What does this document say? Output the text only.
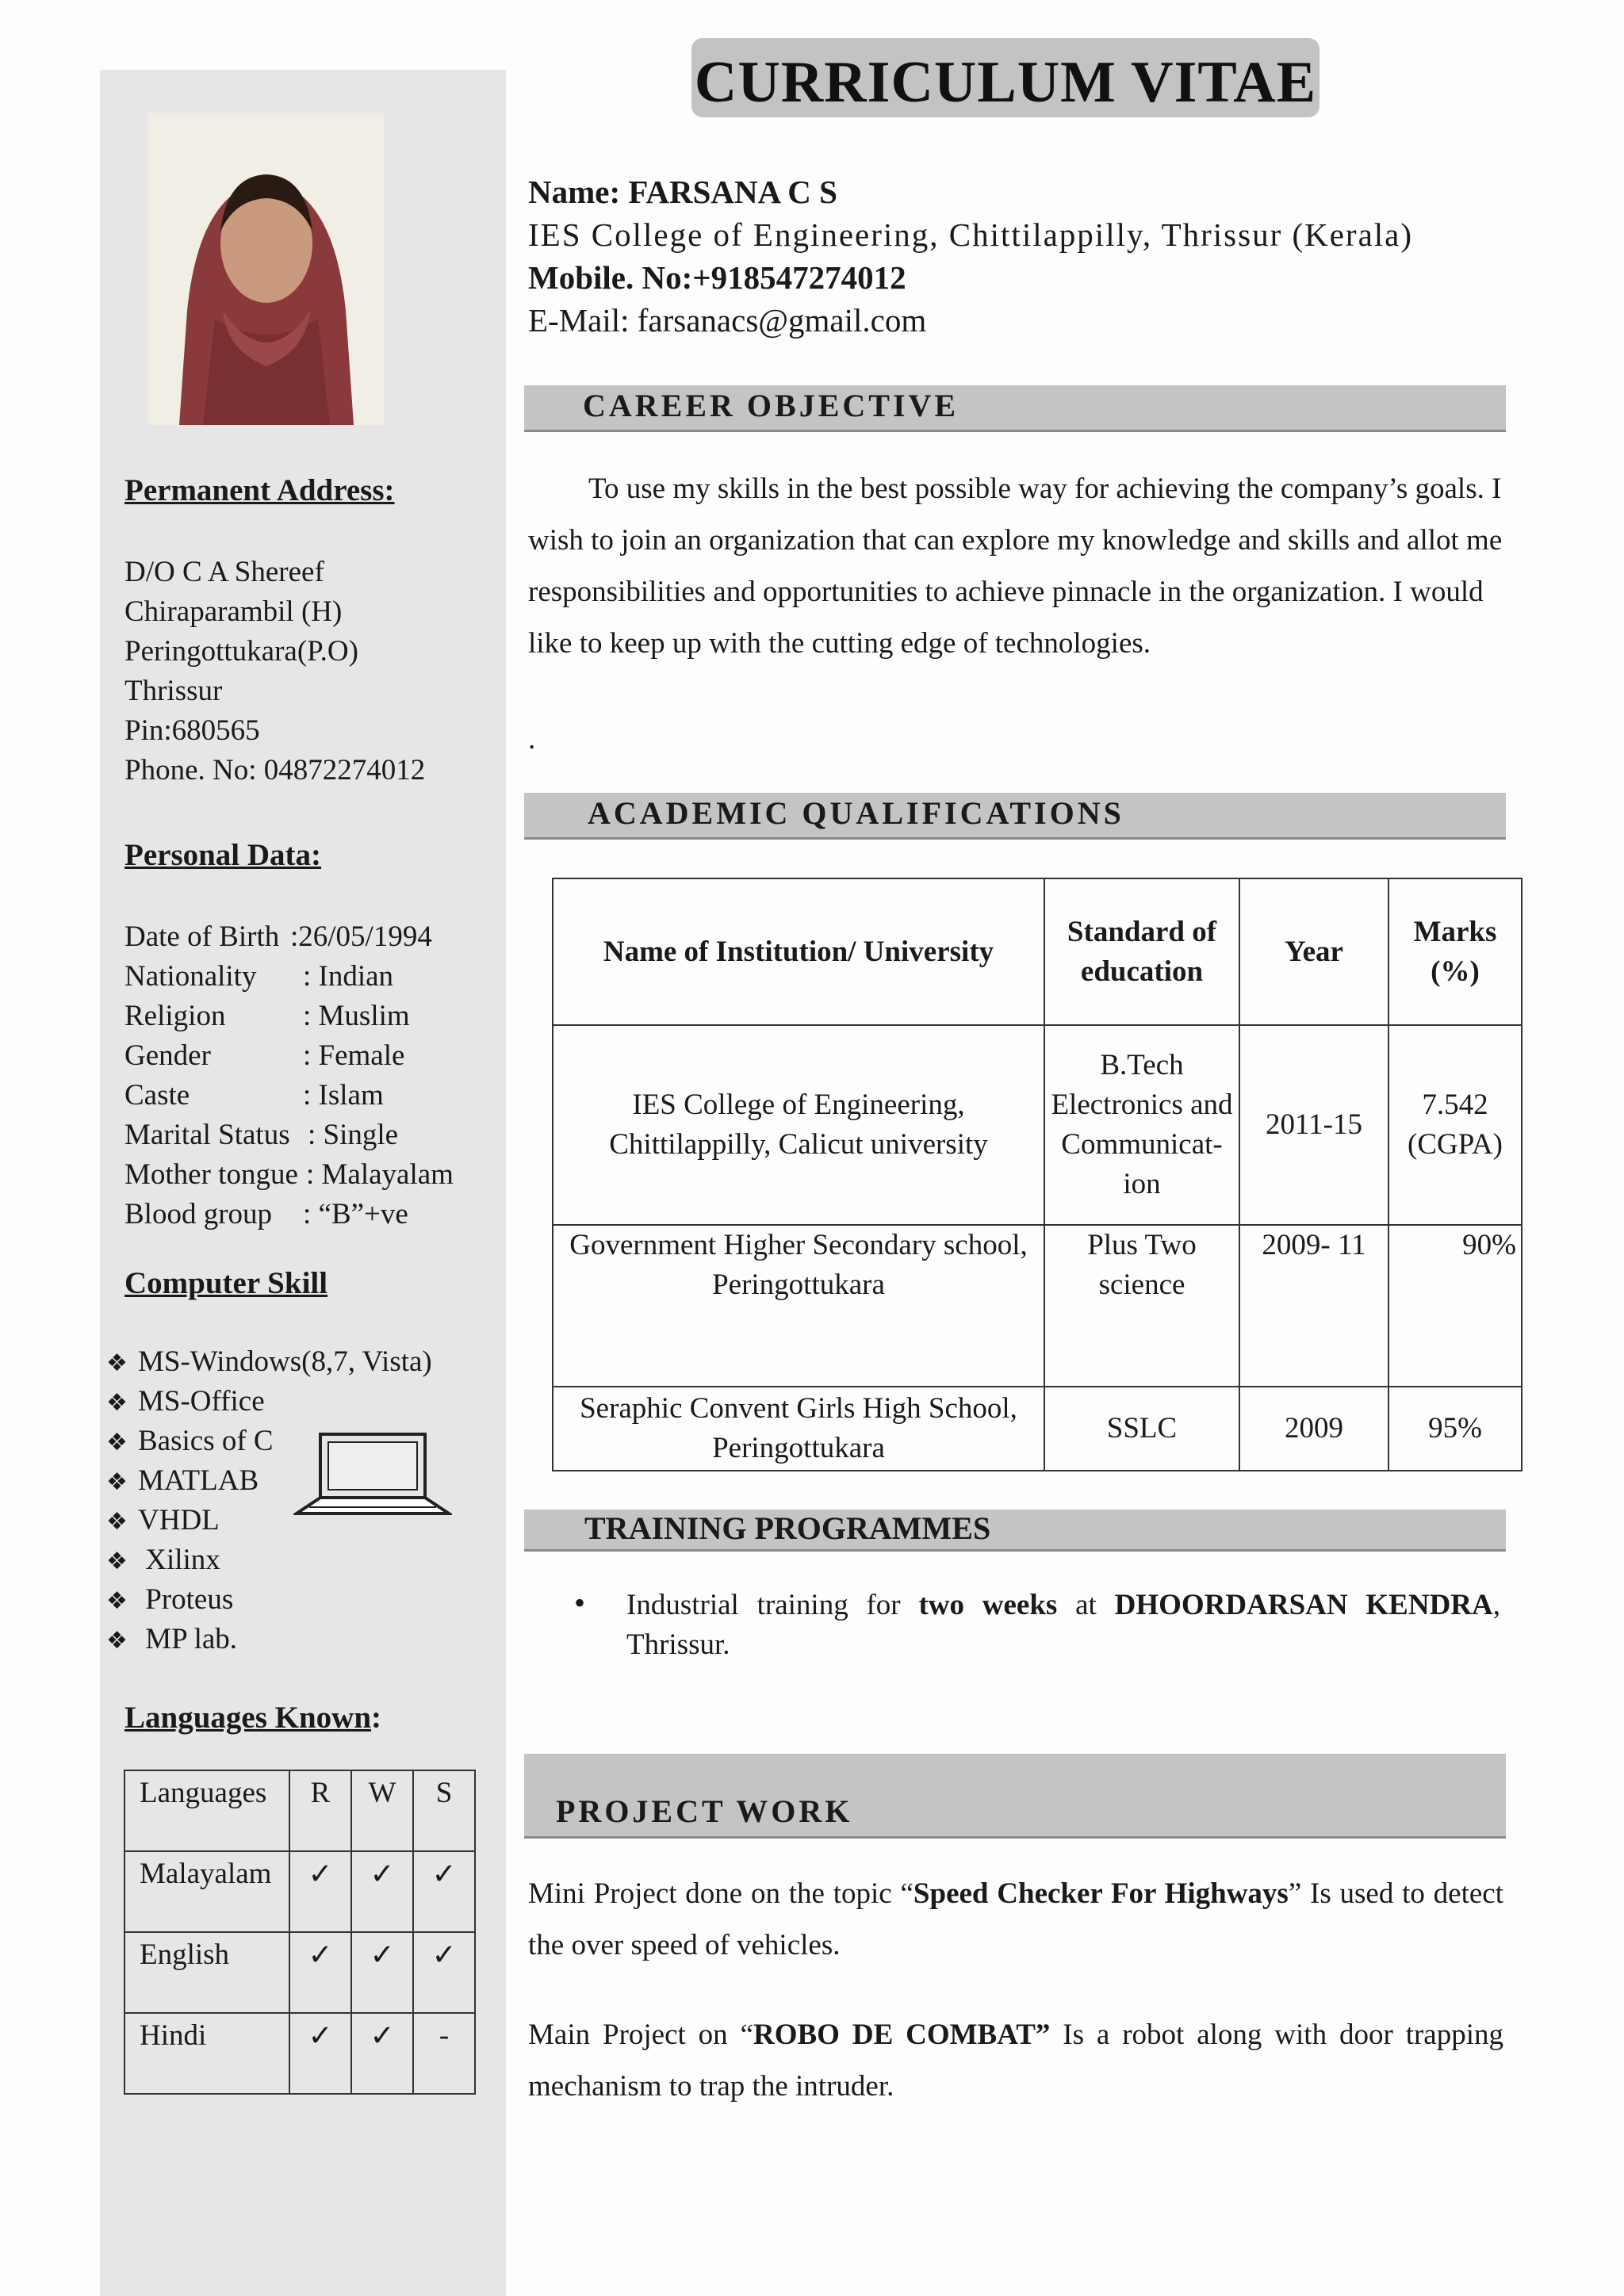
Permanent Address:
D/O C A Shereef
Chiraparambil (H)
Peringottukara(P.O)
Thrissur
Pin:680565
Phone. No: 04872274012
Personal Data:
Date of Birth :26/05/1994
Nationality : Indian
Religion	: Muslim
Gender	: Female
Caste	: Islam
Marital Status : Single
Mother tongue : Malayalam
Blood group : “B”+ve
Computer Skill
❖ MS-Windows(8,7, Vista)
❖ MS-Office
❖ Basics of C
❖ MATLAB
❖ VHDL
❖ Xilinx
❖ Proteus
❖ MP lab.
Languages Known:
Languages	R	W	S
Malayalam	✓	✓	✓
English	✓	✓	✓
Hindi	✓	✓	-
CURRICULUM VITAE
Name: FARSANA C S
IES College of Engineering, Chittilappilly, Thrissur (Kerala)
Mobile. No:+918547274012
E-Mail: farsanacs@gmail.com
CAREER OBJECTIVE
To use my skills in the best possible way for achieving the company’s goals. I wish to join an organization that can explore my knowledge and skills and allot me responsibilities and opportunities to achieve pinnacle in the organization. I would like to keep up with the cutting edge of technologies.
.
ACADEMIC QUALIFICATIONS
Name of Institution/ University	Standard of education	Year	Marks (%)
IES College of Engineering, Chittilappilly, Calicut university	B.Tech Electronics and Communicat-ion	2011-15	7.542 (CGPA)
Government Higher Secondary school, Peringottukara	Plus Two science	2009- 11	90%
Seraphic Convent Girls High School, Peringottukara	SSLC	2009	95%
TRAINING PROGRAMMES
• Industrial training for two weeks at DHOORDARSAN KENDRA, Thrissur.
PROJECT WORK
Mini Project done on the topic “Speed Checker For Highways” Is used to detect the over speed of vehicles.
Main Project on “ROBO DE COMBAT” Is a robot along with door trapping mechanism to trap the intruder.
